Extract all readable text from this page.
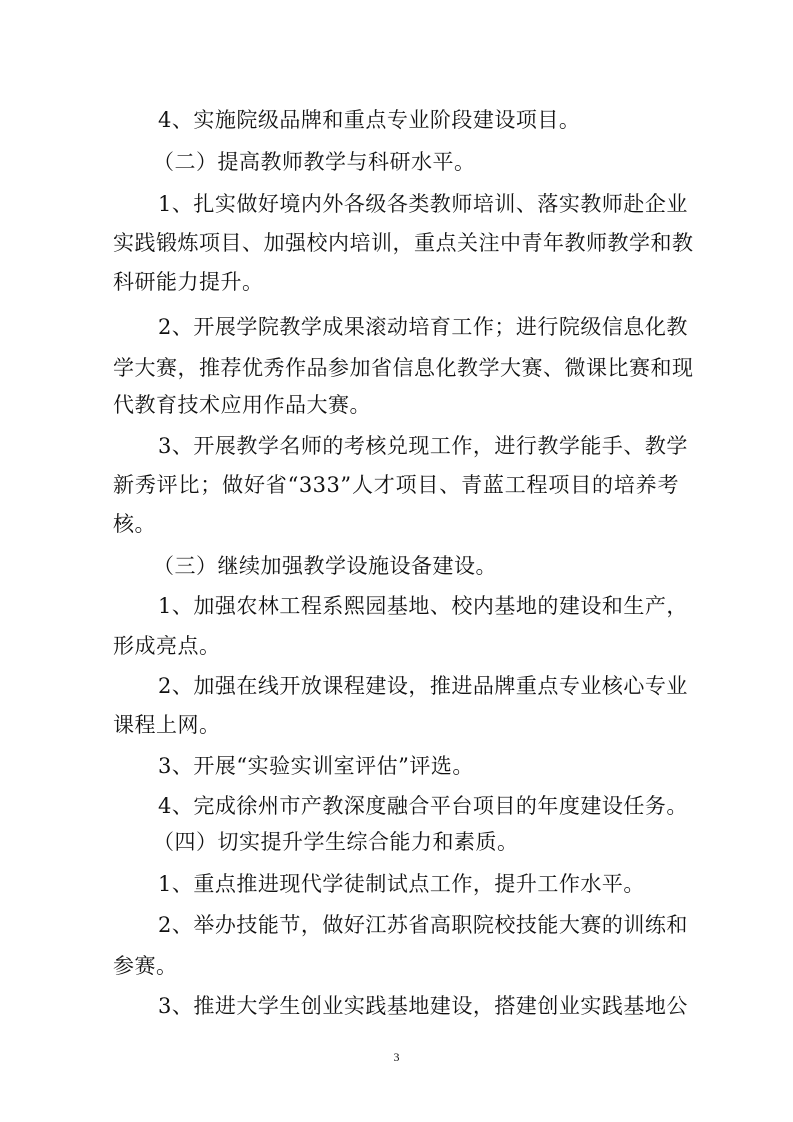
4、实施院级品牌和重点专业阶段建设项目。
（二）提高教师教学与科研水平。
1、扎实做好境内外各级各类教师培训、落实教师赴企业
实践锻炼项目、加强校内培训，重点关注中青年教师教学和教
科研能力提升。
2、开展学院教学成果滚动培育工作；进行院级信息化教
学大赛，推荐优秀作品参加省信息化教学大赛、微课比赛和现
代教育技术应用作品大赛。
3、开展教学名师的考核兑现工作，进行教学能手、教学
新秀评比；做好省“333”人才项目、青蓝工程项目的培养考
核。
（三）继续加强教学设施设备建设。
1、加强农林工程系熙园基地、校内基地的建设和生产，
形成亮点。
2、加强在线开放课程建设，推进品牌重点专业核心专业
课程上网。
3、开展“实验实训室评估”评选。
4、完成徐州市产教深度融合平台项目的年度建设任务。
（四）切实提升学生综合能力和素质。
1、重点推进现代学徒制试点工作，提升工作水平。
2、举办技能节，做好江苏省高职院校技能大赛的训练和
参赛。
3、推进大学生创业实践基地建设，搭建创业实践基地公
3
